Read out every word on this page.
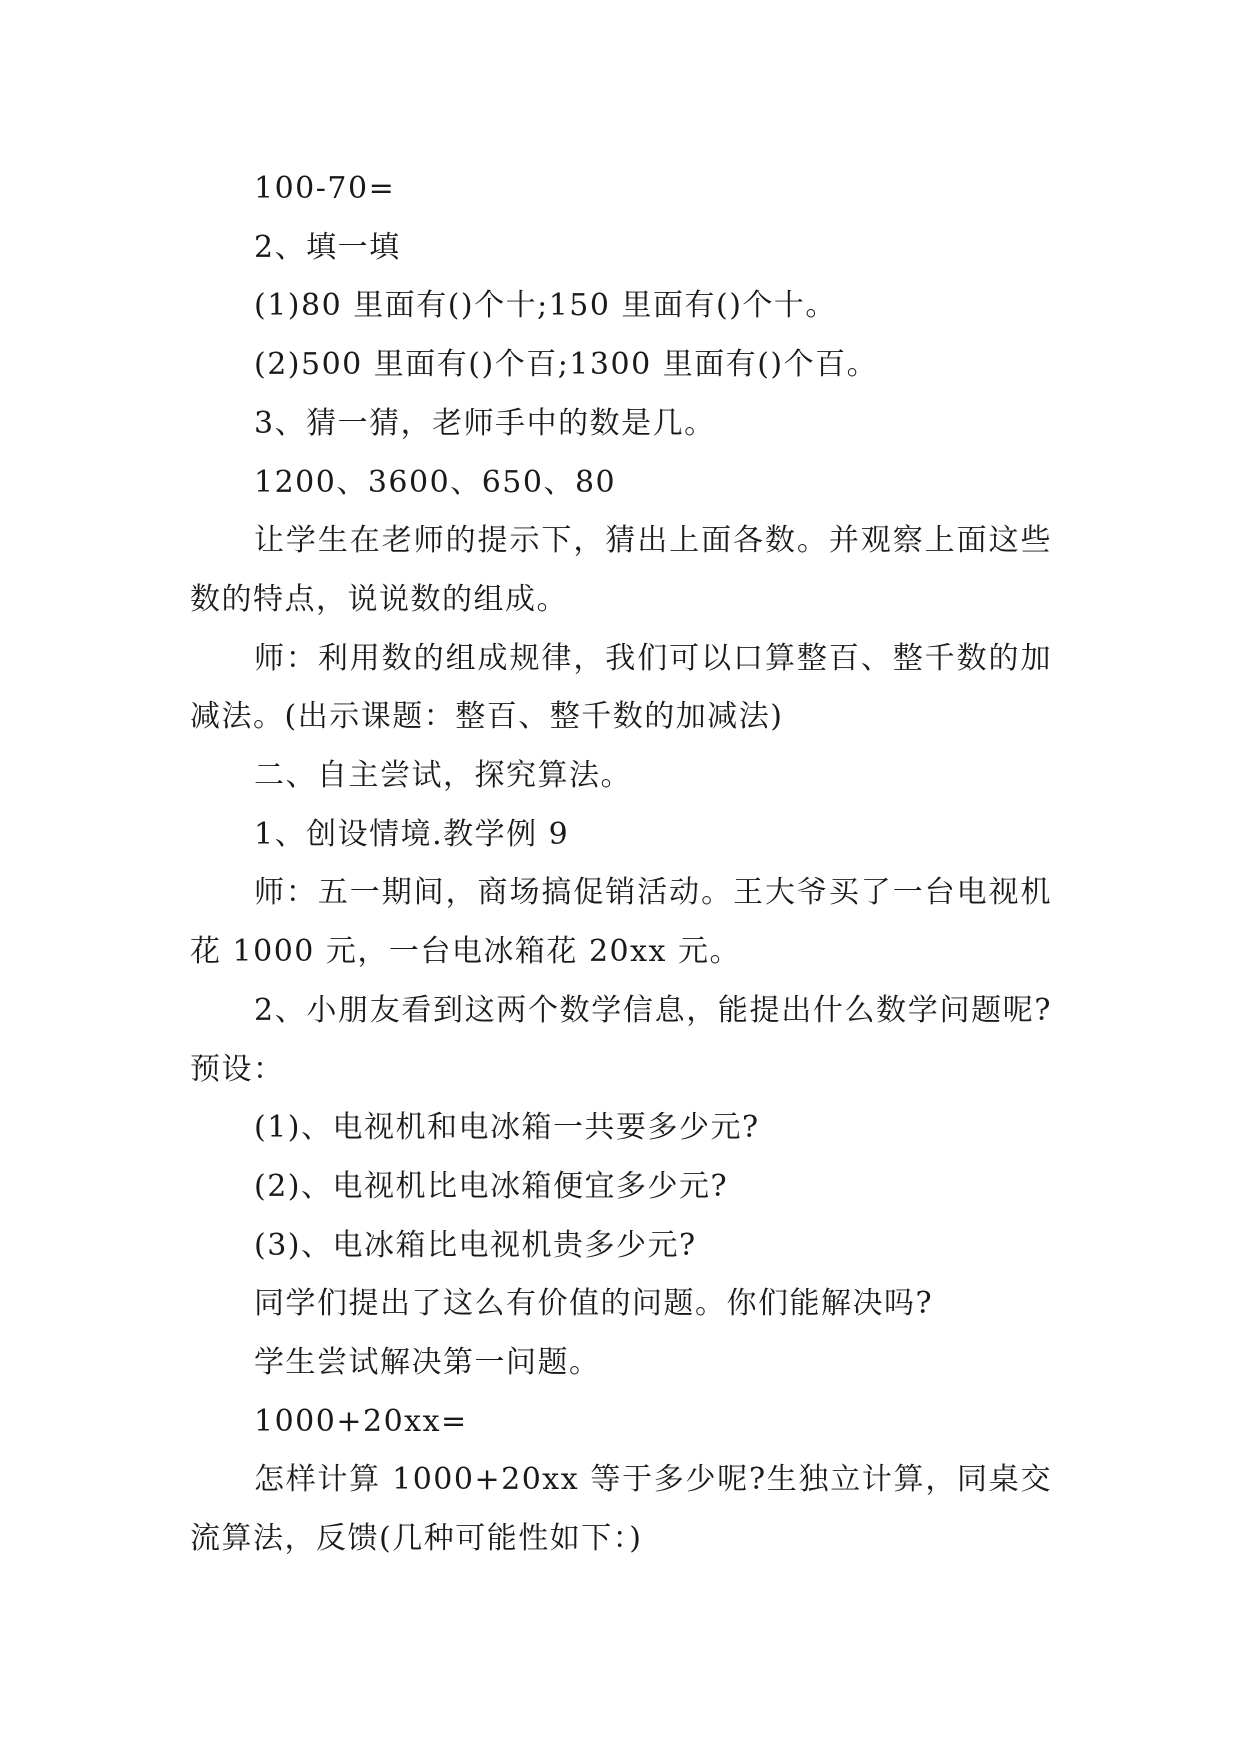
100-70=

2、填一填

(1)80 里面有()个十;150 里面有()个十。

(2)500 里面有()个百;1300 里面有()个百。

3、猜一猜，老师手中的数是几。

1200、3600、650、80

让学生在老师的提示下，猜出上面各数。并观察上面这些数的特点，说说数的组成。

师：利用数的组成规律，我们可以口算整百、整千数的加减法。(出示课题：整百、整千数的加减法)

二、自主尝试，探究算法。

1、创设情境.教学例 9

师：五一期间，商场搞促销活动。王大爷买了一台电视机花 1000 元，一台电冰箱花 20xx 元。

2、小朋友看到这两个数学信息，能提出什么数学问题呢?预设：

(1)、电视机和电冰箱一共要多少元?

(2)、电视机比电冰箱便宜多少元?

(3)、电冰箱比电视机贵多少元?

同学们提出了这么有价值的问题。你们能解决吗?

学生尝试解决第一问题。

1000+20xx=

怎样计算 1000+20xx 等于多少呢?生独立计算，同桌交流算法，反馈(几种可能性如下：)
